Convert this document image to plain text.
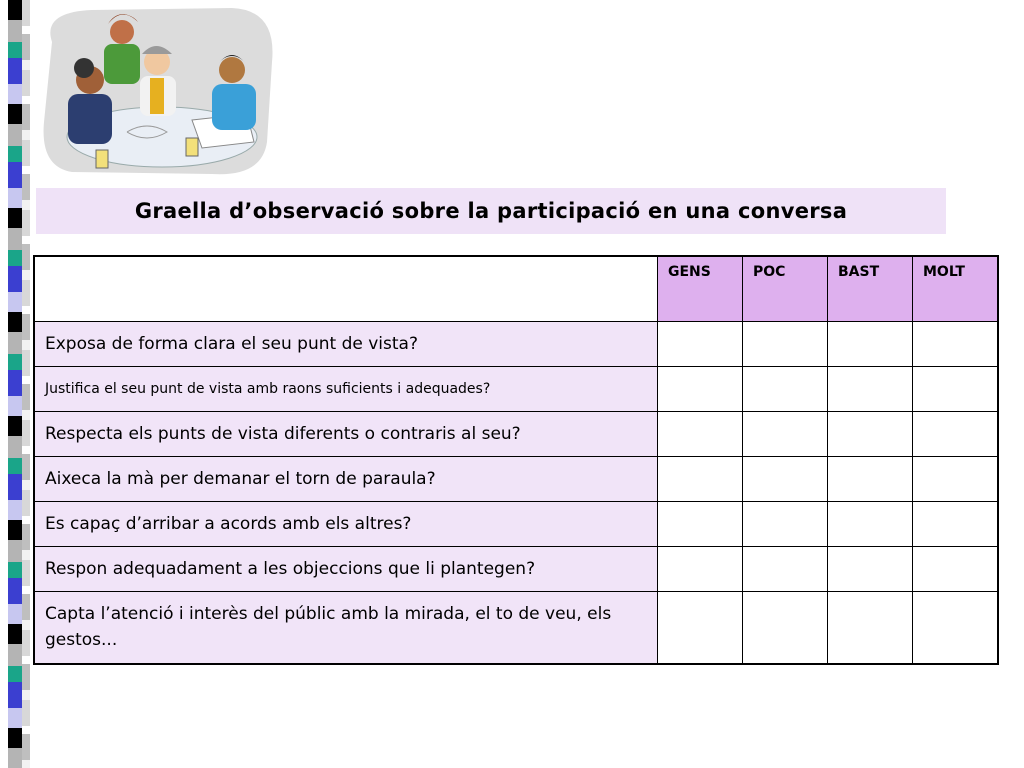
Graella d’observació sobre la participació en una conversa

	GENS	POC	BAST	MOLT

Exposa de forma clara el seu punt de vista?				
Justifica el seu punt de vista amb raons suficients i adequades?				
Respecta els punts de vista diferents o contraris al seu?				
Aixeca la mà per demanar el torn de paraula?				
Es capaç d’arribar a acords amb els altres?				
Respon adequadament a les objeccions que li plantegen?				
Capta l’atenció i interès del públic amb la mirada, el to de veu, els gestos...				
